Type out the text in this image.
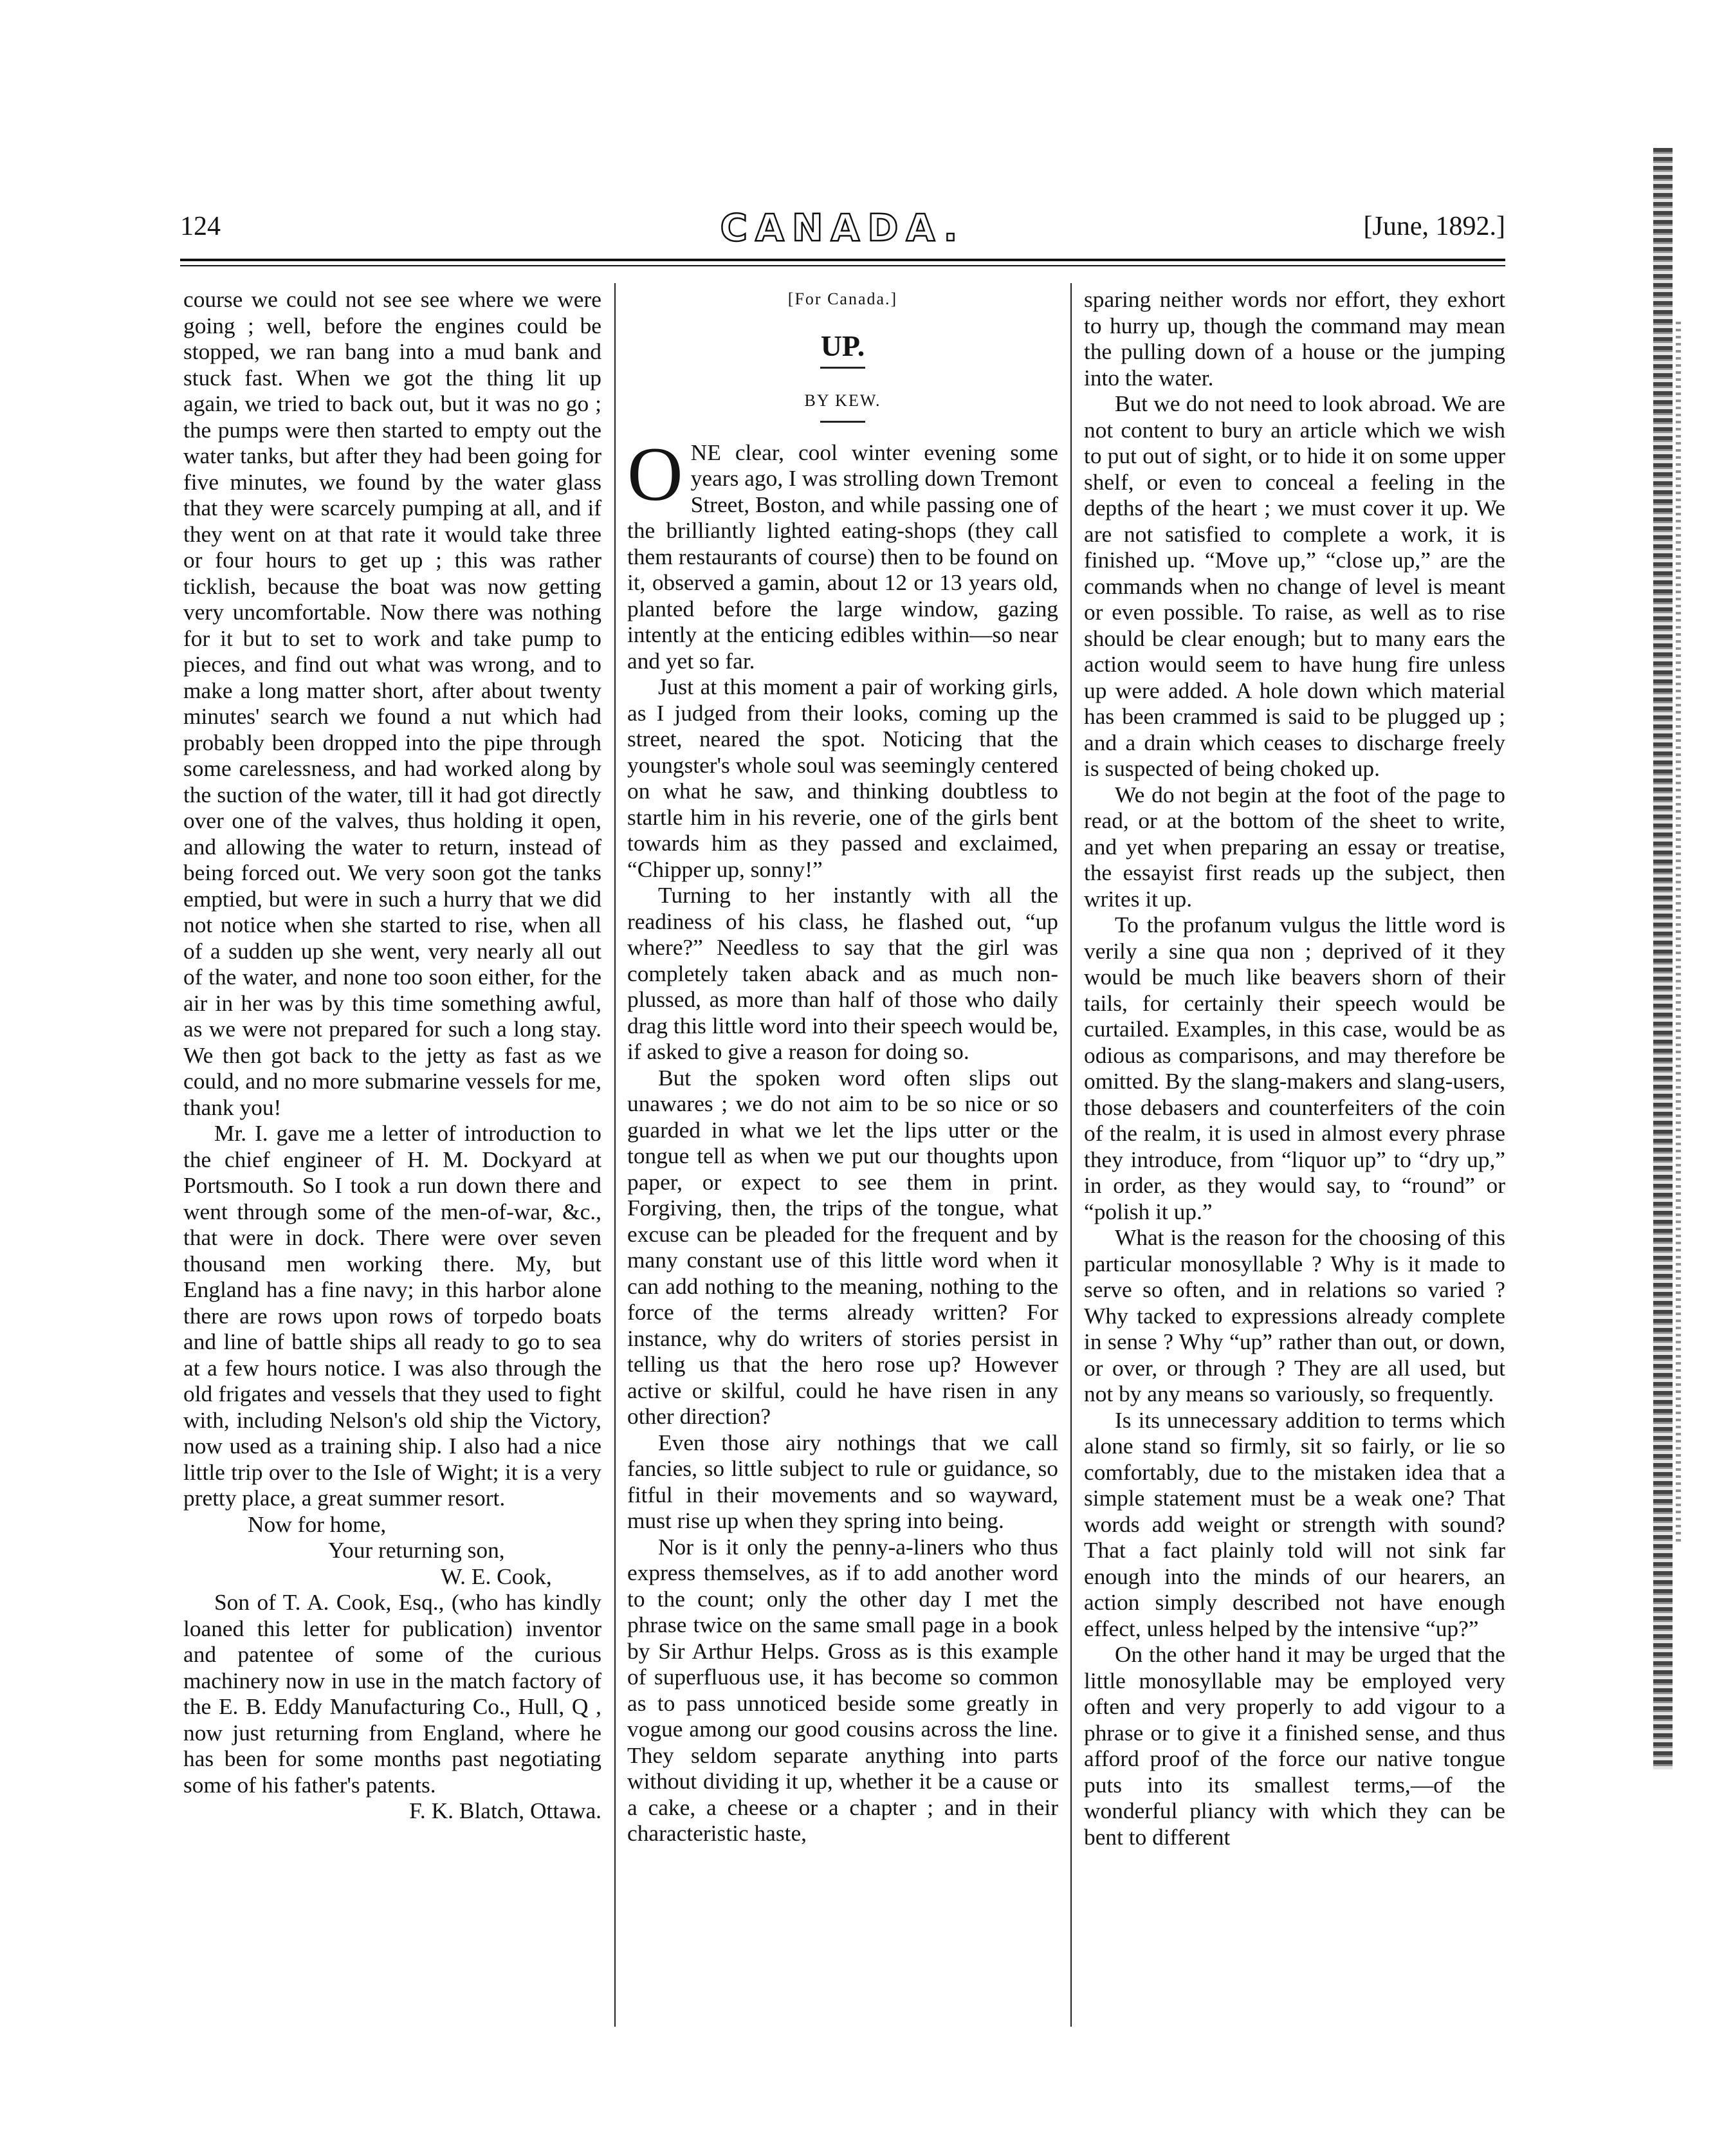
124	CANADA.	[June, 1892.]

course we could not see see where we were going ; well, before the engines could be stopped, we ran bang into a mud bank and stuck fast. When we got the thing lit up again, we tried to back out, but it was no go ; the pumps were then started to empty out the water tanks, but after they had been going for five minutes, we found by the water glass that they were scarcely pumping at all, and if they went on at that rate it would take three or four hours to get up ; this was rather ticklish, because the boat was now getting very uncomfortable. Now there was nothing for it but to set to work and take pump to pieces, and find out what was wrong, and to make a long matter short, after about twenty minutes' search we found a nut which had probably been dropped into the pipe through some carelessness, and had worked along by the suction of the water, till it had got directly over one of the valves, thus holding it open, and allowing the water to return, instead of being forced out. We very soon got the tanks emptied, but were in such a hurry that we did not notice when she started to rise, when all of a sudden up she went, very nearly all out of the water, and none too soon either, for the air in her was by this time something awful, as we were not prepared for such a long stay. We then got back to the jetty as fast as we could, and no more submarine vessels for me, thank you!

Mr. I. gave me a letter of introduction to the chief engineer of H. M. Dockyard at Portsmouth. So I took a run down there and went through some of the men-of-war, &c., that were in dock. There were over seven thousand men working there. My, but England has a fine navy; in this harbor alone there are rows upon rows of torpedo boats and line of battle ships all ready to go to sea at a few hours notice. I was also through the old frigates and vessels that they used to fight with, including Nelson's old ship the Victory, now used as a training ship. I also had a nice little trip over to the Isle of Wight; it is a very pretty place, a great summer resort.

Now for home,

Your returning son,

W. E. Cook,

Son of T. A. Cook, Esq., (who has kindly loaned this letter for publication) inventor and patentee of some of the curious machinery now in use in the match factory of the E. B. Eddy Manufacturing Co., Hull, Q , now just returning from England, where he has been for some months past negotiating some of his father's patents.

F. K. Blatch, Ottawa.

[For Canada.]
UP.
BY KEW.

ONE clear, cool winter evening some years ago, I was strolling down Tremont Street, Boston, and while passing one of the brilliantly lighted eating-shops (they call them restaurants of course) then to be found on it, observed a gamin, about 12 or 13 years old, planted before the large window, gazing intently at the enticing edibles within—so near and yet so far.

Just at this moment a pair of working girls, as I judged from their looks, coming up the street, neared the spot. Noticing that the youngster's whole soul was seemingly centered on what he saw, and thinking doubtless to startle him in his reverie, one of the girls bent towards him as they passed and exclaimed, “Chipper up, sonny!”

Turning to her instantly with all the readiness of his class, he flashed out, “up where?” Needless to say that the girl was completely taken aback and as much non-plussed, as more than half of those who daily drag this little word into their speech would be, if asked to give a reason for doing so.

But the spoken word often slips out unawares ; we do not aim to be so nice or so guarded in what we let the lips utter or the tongue tell as when we put our thoughts upon paper, or expect to see them in print. Forgiving, then, the trips of the tongue, what excuse can be pleaded for the frequent and by many constant use of this little word when it can add nothing to the meaning, nothing to the force of the terms already written? For instance, why do writers of stories persist in telling us that the hero rose up? However active or skilful, could he have risen in any other direction?

Even those airy nothings that we call fancies, so little subject to rule or guidance, so fitful in their movements and so wayward, must rise up when they spring into being.

Nor is it only the penny-a-liners who thus express themselves, as if to add another word to the count; only the other day I met the phrase twice on the same small page in a book by Sir Arthur Helps. Gross as is this example of superfluous use, it has become so common as to pass unnoticed beside some greatly in vogue among our good cousins across the line. They seldom separate anything into parts without dividing it up, whether it be a cause or a cake, a cheese or a chapter ; and in their characteristic haste,

sparing neither words nor effort, they exhort to hurry up, though the command may mean the pulling down of a house or the jumping into the water.

But we do not need to look abroad. We are not content to bury an article which we wish to put out of sight, or to hide it on some upper shelf, or even to conceal a feeling in the depths of the heart ; we must cover it up. We are not satisfied to complete a work, it is finished up. “Move up,” “close up,” are the commands when no change of level is meant or even possible. To raise, as well as to rise should be clear enough; but to many ears the action would seem to have hung fire unless up were added. A hole down which material has been crammed is said to be plugged up ; and a drain which ceases to discharge freely is suspected of being choked up.

We do not begin at the foot of the page to read, or at the bottom of the sheet to write, and yet when preparing an essay or treatise, the essayist first reads up the subject, then writes it up.

To the profanum vulgus the little word is verily a sine qua non ; deprived of it they would be much like beavers shorn of their tails, for certainly their speech would be curtailed. Examples, in this case, would be as odious as comparisons, and may therefore be omitted. By the slang-makers and slang-users, those debasers and counterfeiters of the coin of the realm, it is used in almost every phrase they introduce, from “liquor up” to “dry up,” in order, as they would say, to “round” or “polish it up.”

What is the reason for the choosing of this particular monosyllable ? Why is it made to serve so often, and in relations so varied ? Why tacked to expressions already complete in sense ? Why “up” rather than out, or down, or over, or through ? They are all used, but not by any means so variously, so frequently.

Is its unnecessary addition to terms which alone stand so firmly, sit so fairly, or lie so comfortably, due to the mistaken idea that a simple statement must be a weak one? That words add weight or strength with sound? That a fact plainly told will not sink far enough into the minds of our hearers, an action simply described not have enough effect, unless helped by the intensive “up?”

On the other hand it may be urged that the little monosyllable may be employed very often and very properly to add vigour to a phrase or to give it a finished sense, and thus afford proof of the force our native tongue puts into its smallest terms,—of the wonderful pliancy with which they can be bent to different
